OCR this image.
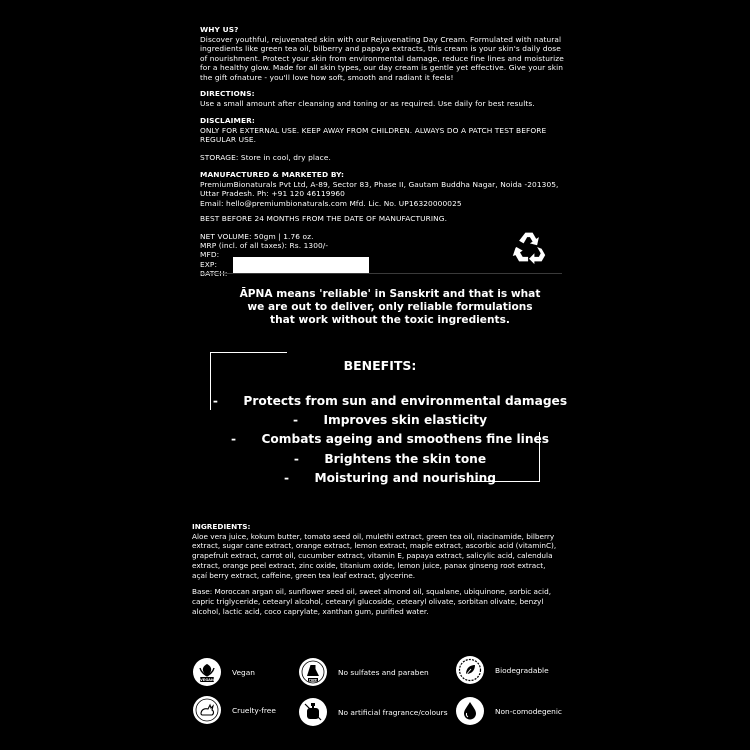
WHY US?

Discover youthful, rejuvenated skin with our Rejuvenating Day Cream. Formulated with natural ingredients like green tea oil, bilberry and papaya extracts, this cream is your skin's daily dose of nourishment. Protect your skin from environmental damage, reduce fine lines and moisturize for a healthy glow. Made for all skin types, our day cream is gentle yet effective. Give your skin the gift ofnature - you'll love how soft, smooth and radiant it feels!

DIRECTIONS:

Use a small amount after cleansing and toning or as required. Use daily for best results.

DISCLAIMER:

ONLY FOR EXTERNAL USE. KEEP AWAY FROM CHILDREN. ALWAYS DO A PATCH TEST BEFORE REGULAR USE.

STORAGE: Store in cool, dry place.

MANUFACTURED & MARKETED BY:

PremiumBionaturals Pvt Ltd, A-89, Sector 83, Phase II, Gautam Buddha Nagar, Noida -201305,

Uttar Pradesh. Ph: +91 120 46119960

Email: hello@premiumbionaturals.com Mfd. Lic. No. UP16320000025

BEST BEFORE 24 MONTHS FROM THE DATE OF MANUFACTURING.

NET VOLUME: 50gm | 1.76 oz.

MRP (incl. of all taxes): Rs. 1300/-

MFD:

EXP:

ĀPNA means 'reliable' in Sanskrit and that is what
we are out to deliver, only reliable formulations
that work without the toxic ingredients.
BENEFITS:
-      Protects from sun and environmental damages
-      Improves skin elasticity
-      Combats ageing and smoothens fine lines
-      Brightens the skin tone
-      Moisturing and nourishing

INGREDIENTS:

Aloe vera juice, kokum butter, tomato seed oil, mulethi extract, green tea oil, niacinamide, bilberry extract, sugar cane extract, orange extract, lemon extract, maple extract, ascorbic acid (vitaminC), grapefruit extract, carrot oil, cucumber extract, vitamin E, papaya extract, salicylic acid, calendula extract, orange peel extract, zinc oxide, titanium oxide, lemon juice, panax ginseng root extract, açaí berry extract, caffeine, green tea leaf extract, glycerine.

Base: Moroccan argan oil, sunflower seed oil, sweet almond oil, squalane, ubiquinone, sorbic acid, capric triglyceride, cetearyl alcohol, cetearyl glucoside, cetearyl olivate, sorbitan olivate, benzyl alcohol, lactic acid, coco caprylate, xanthan gum, purified water.

VEGAN
Vegan
FREE
No sulfates and paraben	Biodegradable
Cruelty-free	No artificial fragrance/colours	Non-comodegenic
